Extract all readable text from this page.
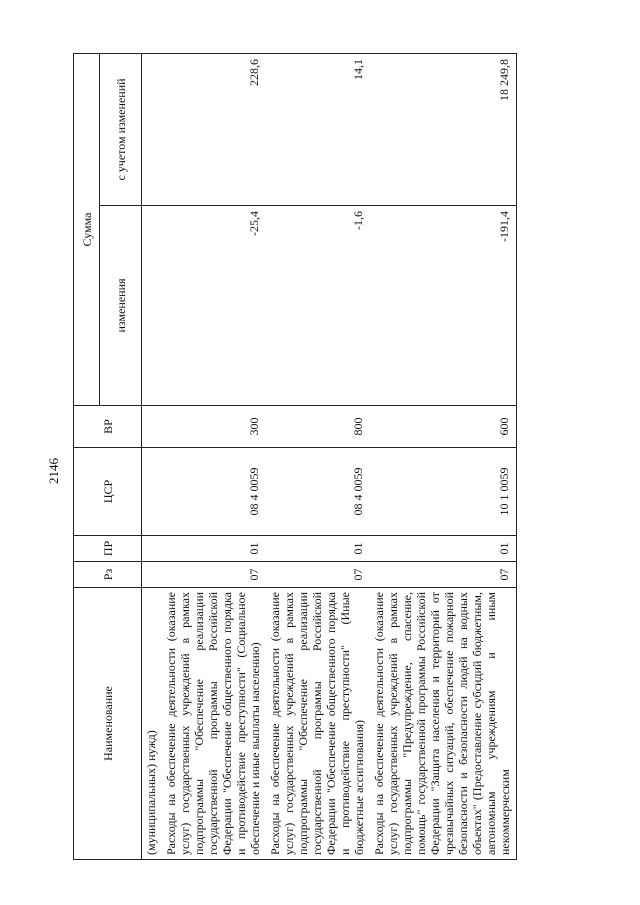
2146
Наименование	Рз	ПР	ЦСР	ВР	Сумма	
					изменения	с учетом изменений
(муниципальных) нужд)						
Расходы на обеспечение деятельности (оказание услуг) государственных учреждений в рамках подпрограммы "Обеспечение реализации государственной программы Российской Федерации "Обеспечение общественного порядка и противодействие преступности" (Социальное обеспечение и иные выплаты населению)	07	01	08 4 0059	300	-25,4	228,6
Расходы на обеспечение деятельности (оказание услуг) государственных учреждений в рамках подпрограммы "Обеспечение реализации государственной программы Российской Федерации "Обеспечение общественного порядка и противодействие преступности" (Иные бюджетные ассигнования)	07	01	08 4 0059	800	-1,6	14,1
Расходы на обеспечение деятельности (оказание услуг) государственных учреждений в рамках подпрограммы "Предупреждение, спасение, помощь" государственной программы Российской Федерации "Защита населения и территорий от чрезвычайных ситуаций, обеспечение пожарной безопасности и безопасности людей на водных объектах" (Предоставление субсидий бюджетным, автономным учреждениям и иным некоммерческим	07	01	10 1 0059	600	-191,4	18 249,8
